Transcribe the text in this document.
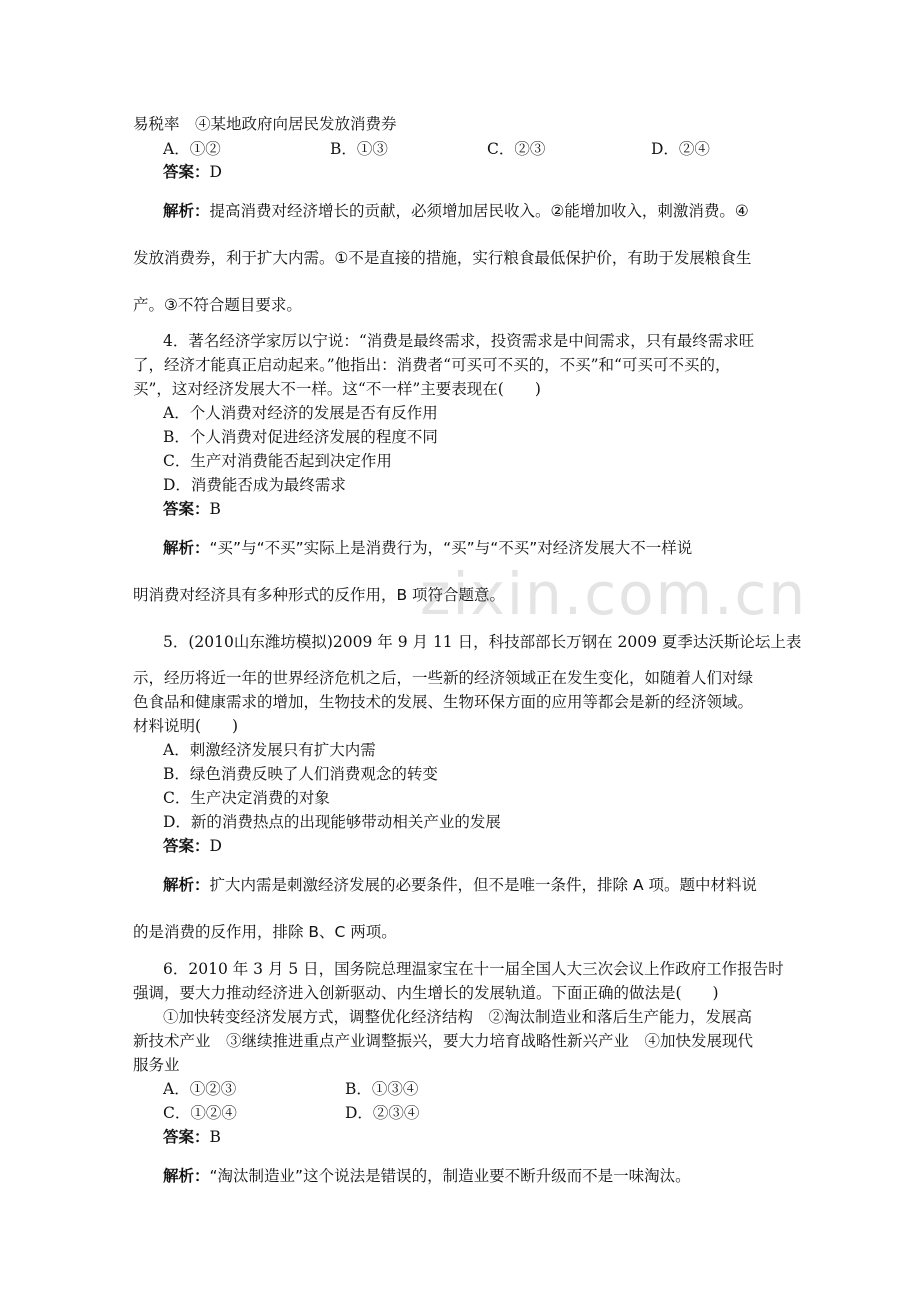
zixin.com.cn
易税率　④某地政府向居民发放消费券
A．①②	B．①③	C．②③	D．②④
答案：D
解析：提高消费对经济增长的贡献，必须增加居民收入。②能增加收入，刺激消费。④
发放消费券，利于扩大内需。①不是直接的措施，实行粮食最低保护价，有助于发展粮食生
产。③不符合题目要求。
4．著名经济学家厉以宁说：“消费是最终需求，投资需求是中间需求，只有最终需求旺
了，经济才能真正启动起来。”他指出：消费者“可买可不买的，不买”和“可买可不买的，
买”，这对经济发展大不一样。这“不一样”主要表现在(　　)
A．个人消费对经济的发展是否有反作用
B．个人消费对促进经济发展的程度不同
C．生产对消费能否起到决定作用
D．消费能否成为最终需求
答案：B
解析：“买”与“不买”实际上是消费行为，“买”与“不买”对经济发展大不一样说
明消费对经济具有多种形式的反作用，B 项符合题意。
5．(2010山东潍坊模拟)2009 年 9 月 11 日，科技部部长万钢在 2009 夏季达沃斯论坛上表
示，经历将近一年的世界经济危机之后，一些新的经济领域正在发生变化，如随着人们对绿
色食品和健康需求的增加，生物技术的发展、生物环保方面的应用等都会是新的经济领域。
材料说明(　　)
A．刺激经济发展只有扩大内需
B．绿色消费反映了人们消费观念的转变
C．生产决定消费的对象
D．新的消费热点的出现能够带动相关产业的发展
答案：D
解析：扩大内需是刺激经济发展的必要条件，但不是唯一条件，排除 A 项。题中材料说
的是消费的反作用，排除 B、C 两项。
6．2010 年 3 月 5 日，国务院总理温家宝在十一届全国人大三次会议上作政府工作报告时
强调，要大力推动经济进入创新驱动、内生增长的发展轨道。下面正确的做法是(　　)
①加快转变经济发展方式，调整优化经济结构　②淘汰制造业和落后生产能力，发展高
新技术产业　③继续推进重点产业调整振兴，要大力培育战略性新兴产业　④加快发展现代
服务业
A．①②③	B．①③④
C．①②④	D．②③④
答案：B
解析：“淘汰制造业”这个说法是错误的，制造业要不断升级而不是一味淘汰。
